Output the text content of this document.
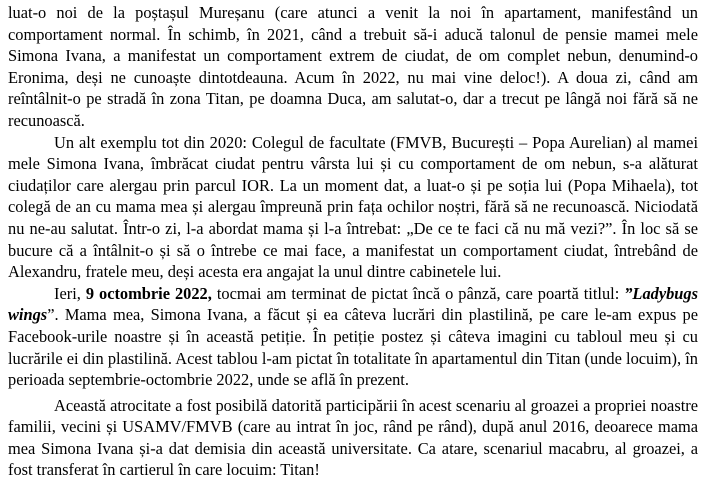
luat-o noi de la poștașul Mureșanu (care atunci a venit la noi în apartament, manifestând un comportament normal. În schimb, în 2021, când a trebuit să-i aducă talonul de pensie mamei mele Simona Ivana, a manifestat un comportament extrem de ciudat, de om complet nebun, denumind-o Eronima, deși ne cunoaște dintotdeauna. Acum în 2022, nu mai vine deloc!). A doua zi, când am reîntâlnit-o pe stradă în zona Titan, pe doamna Duca, am salutat-o, dar a trecut pe lângă noi fără să ne recunoască.

Un alt exemplu tot din 2020: Colegul de facultate (FMVB, București – Popa Aurelian) al mamei mele Simona Ivana, îmbrăcat ciudat pentru vârsta lui și cu comportament de om nebun, s-a alăturat ciudaților care alergau prin parcul IOR. La un moment dat, a luat-o și pe soția lui (Popa Mihaela), tot colegă de an cu mama mea și alergau împreună prin fața ochilor noștri, fără să ne recunoască. Niciodată nu ne-au salutat. Într-o zi, l-a abordat mama și l-a întrebat: „De ce te faci că nu mă vezi?”. În loc să se bucure că a întâlnit-o și să o întrebe ce mai face, a manifestat un comportament ciudat, întrebând de Alexandru, fratele meu, deși acesta era angajat la unul dintre cabinetele lui.

Ieri, 9 octombrie 2022, tocmai am terminat de pictat încă o pânză, care poartă titlul: ”Ladybugs wings”. Mama mea, Simona Ivana, a făcut și ea câteva lucrări din plastilină, pe care le-am expus pe Facebook-urile noastre și în această petiție. În petiție postez și câteva imagini cu tabloul meu și cu lucrările ei din plastilină. Acest tablou l-am pictat în totalitate în apartamentul din Titan (unde locuim), în perioada septembrie-octombrie 2022, unde se află în prezent.

Această atrocitate a fost posibilă datorită participării în acest scenariu al groazei a propriei noastre familii, vecini și USAMV/FMVB (care au intrat în joc, rând pe rând), după anul 2016, deoarece mama mea Simona Ivana și-a dat demisia din această universitate. Ca atare, scenariul macabru, al groazei, a fost transferat în cartierul în care locuim: Titan!
